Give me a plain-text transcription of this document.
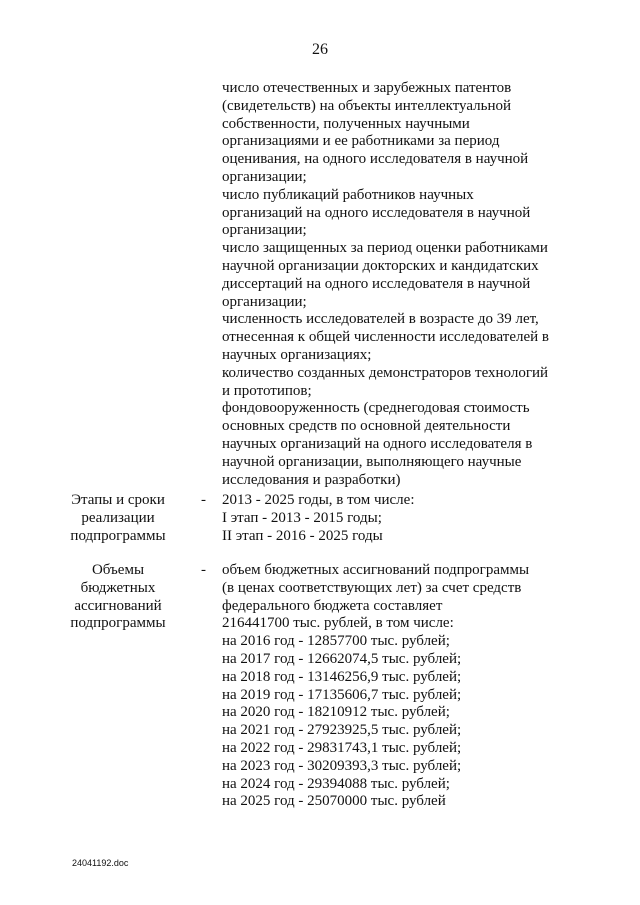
26
число отечественных и зарубежных патентов
(свидетельств) на объекты интеллектуальной
собственности, полученных научными
организациями и ее работниками за период
оценивания, на одного исследователя в научной
организации;
число публикаций работников научных
организаций на одного исследователя в научной
организации;
число защищенных за период оценки работниками
научной организации докторских и кандидатских
диссертаций на одного исследователя в научной
организации;
численность исследователей в возрасте до 39 лет,
отнесенная к общей численности исследователей в
научных организациях;
количество созданных демонстраторов технологий
и прототипов;
фондовооруженность (среднегодовая стоимость
основных средств по основной деятельности
научных организаций на одного исследователя в
научной организации, выполняющего научные
исследования и разработки)
Этапы и сроки
реализации
подпрограммы
-	2013 - 2025 годы, в том числе:
I этап - 2013 - 2015 годы;
II этап - 2016 - 2025 годы
Объемы
бюджетных
ассигнований
подпрограммы
-	объем бюджетных ассигнований подпрограммы
(в ценах соответствующих лет) за счет средств
федерального бюджета составляет
216441700 тыс. рублей, в том числе:
на 2016 год - 12857700 тыс. рублей;
на 2017 год - 12662074,5 тыс. рублей;
на 2018 год - 13146256,9 тыс. рублей;
на 2019 год - 17135606,7 тыс. рублей;
на 2020 год - 18210912 тыс. рублей;
на 2021 год - 27923925,5 тыс. рублей;
на 2022 год - 29831743,1 тыс. рублей;
на 2023 год - 30209393,3 тыс. рублей;
на 2024 год - 29394088 тыс. рублей;
на 2025 год - 25070000 тыс. рублей
24041192.doc
